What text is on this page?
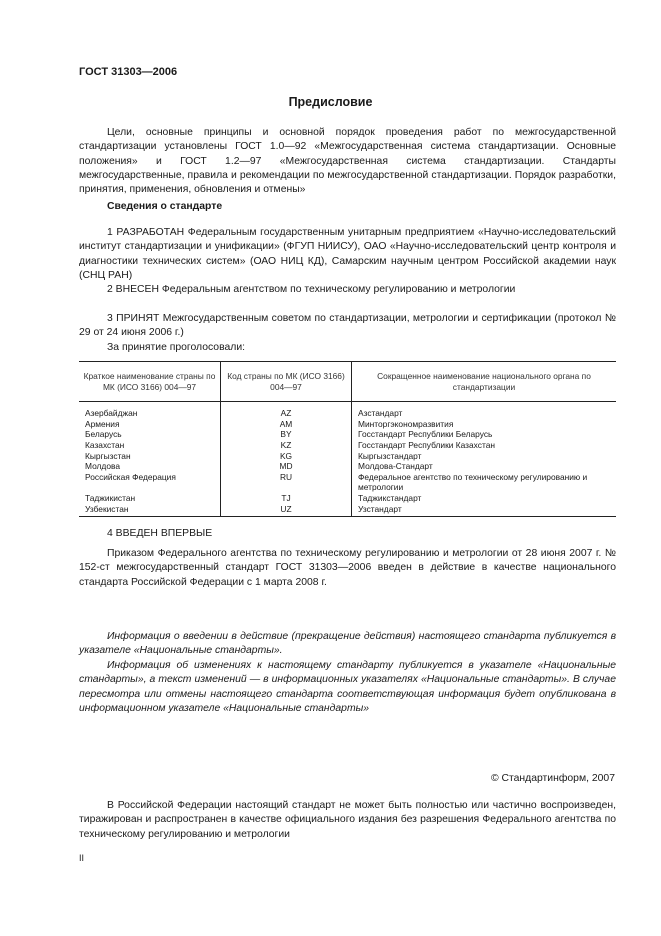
ГОСТ 31303—2006
Предисловие

Цели, основные принципы и основной порядок проведения работ по межгосударственной стандартизации установлены ГОСТ 1.0—92 «Межгосударственная система стандартизации. Основные положения» и ГОСТ 1.2—97 «Межгосударственная система стандартизации. Стандарты межгосударственные, правила и рекомендации по межгосударственной стандартизации. Порядок разработки, принятия, применения, обновления и отмены»

Сведения о стандарте

1 РАЗРАБОТАН Федеральным государственным унитарным предприятием «Научно-исследовательский институт стандартизации и унификации» (ФГУП НИИСУ), ОАО «Научно-исследовательский центр контроля и диагностики технических систем» (ОАО НИЦ КД), Самарским научным центром Российской академии наук (СНЦ РАН)

2 ВНЕСЕН Федеральным агентством по техническому регулированию и метрологии

3 ПРИНЯТ Межгосударственным советом по стандартизации, метрологии и сертификации (протокол № 29 от 24 июня 2006 г.)

За принятие проголосовали:

Краткое наименование страны по МК (ИСО 3166) 004—97	Код страны по МК (ИСО 3166) 004—97	Сокращенное наименование национального органа по стандартизации
Азербайджан	AZ	Азстандарт
Армения	AM	Минторгэкономразвития
Беларусь	BY	Госстандарт Республики Беларусь
Казахстан	KZ	Госстандарт Республики Казахстан
Кыргызстан	KG	Кыргызстандарт
Молдова	MD	Молдова-Стандарт
Российская Федерация	RU	Федеральное агентство по техническому регулированию и метрологии
Таджикистан	TJ	Таджикстандарт
Узбекистан	UZ	Узстандарт

4 ВВЕДЕН ВПЕРВЫЕ

Приказом Федерального агентства по техническому регулированию и метрологии от 28 июня 2007 г. № 152-ст межгосударственный стандарт ГОСТ 31303—2006 введен в действие в качестве национального стандарта Российской Федерации с 1 марта 2008 г.

Информация о введении в действие (прекращение действия) настоящего стандарта публикуется в указателе «Национальные стандарты».

Информация об изменениях к настоящему стандарту публикуется в указателе «Национальные стандарты», а текст изменений — в информационных указателях «Национальные стандарты». В случае пересмотра или отмены настоящего стандарта соответствующая информация будет опубликована в информационном указателе «Национальные стандарты»

© Стандартинформ, 2007

В Российской Федерации настоящий стандарт не может быть полностью или частично воспроизведен, тиражирован и распространен в качестве официального издания без разрешения Федерального агентства по техническому регулированию и метрологии

II
